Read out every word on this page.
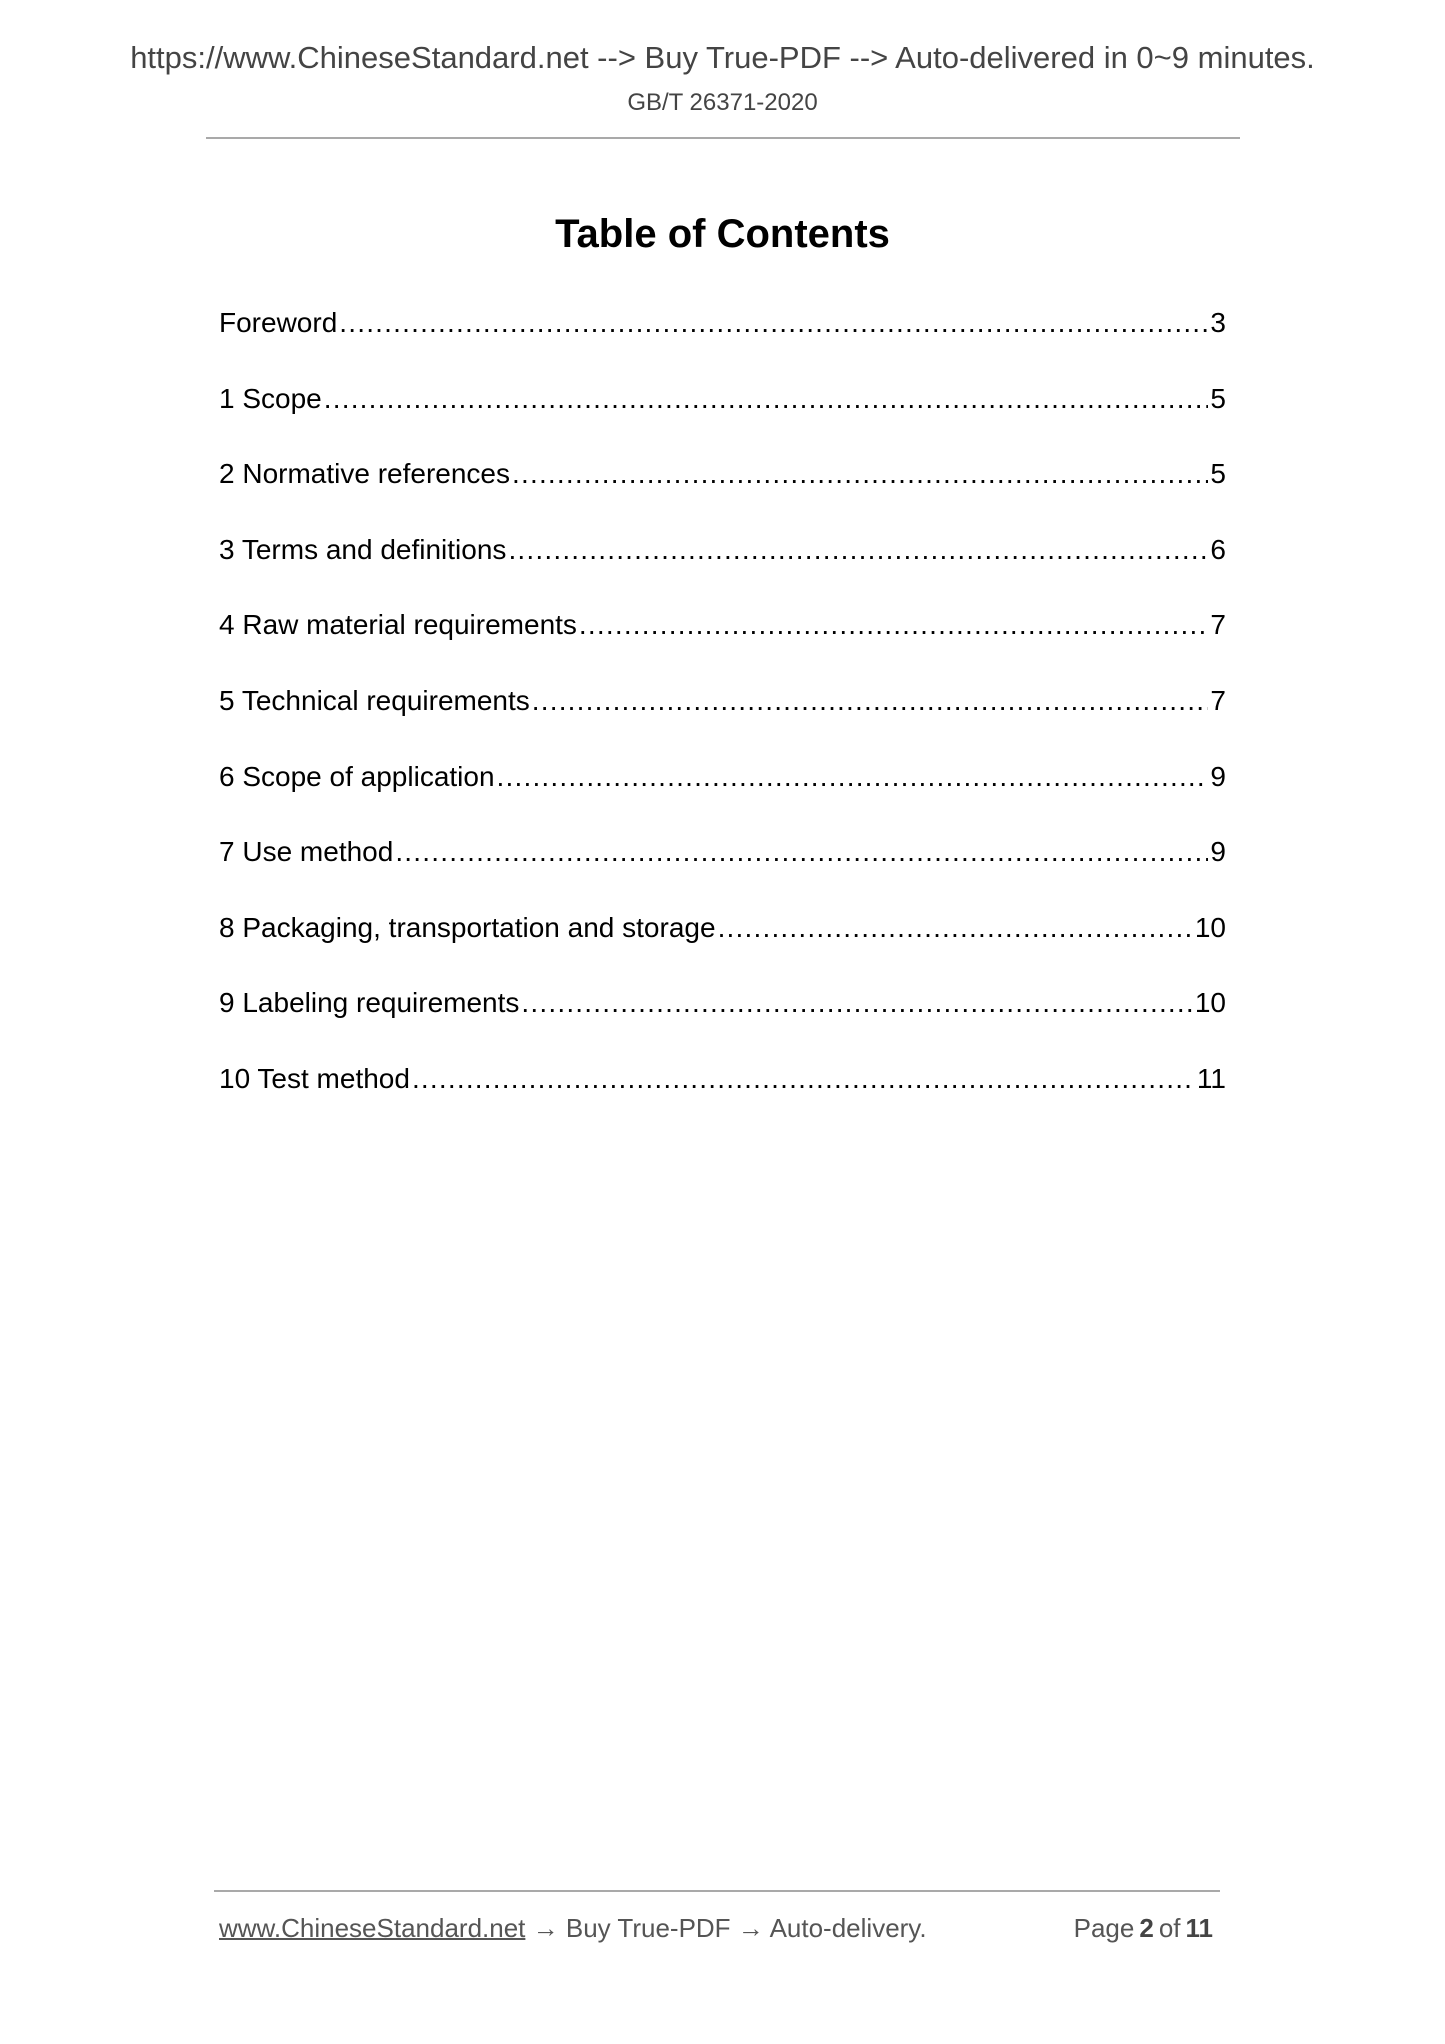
https://www.ChineseStandard.net --> Buy True-PDF --> Auto-delivered in 0~9 minutes.
GB/T 26371-2020
Table of Contents
Foreword .....	3
1 Scope .....	5
2 Normative references .....	5
3 Terms and definitions .....	6
4 Raw material requirements .....	7
5 Technical requirements .....	7
6 Scope of application .....	9
7 Use method .....	9
8 Packaging, transportation and storage .....	10
9 Labeling requirements .....	10
10 Test method .....	11
www.ChineseStandard.net → Buy True-PDF → Auto-delivery.	Page 2 of 11
